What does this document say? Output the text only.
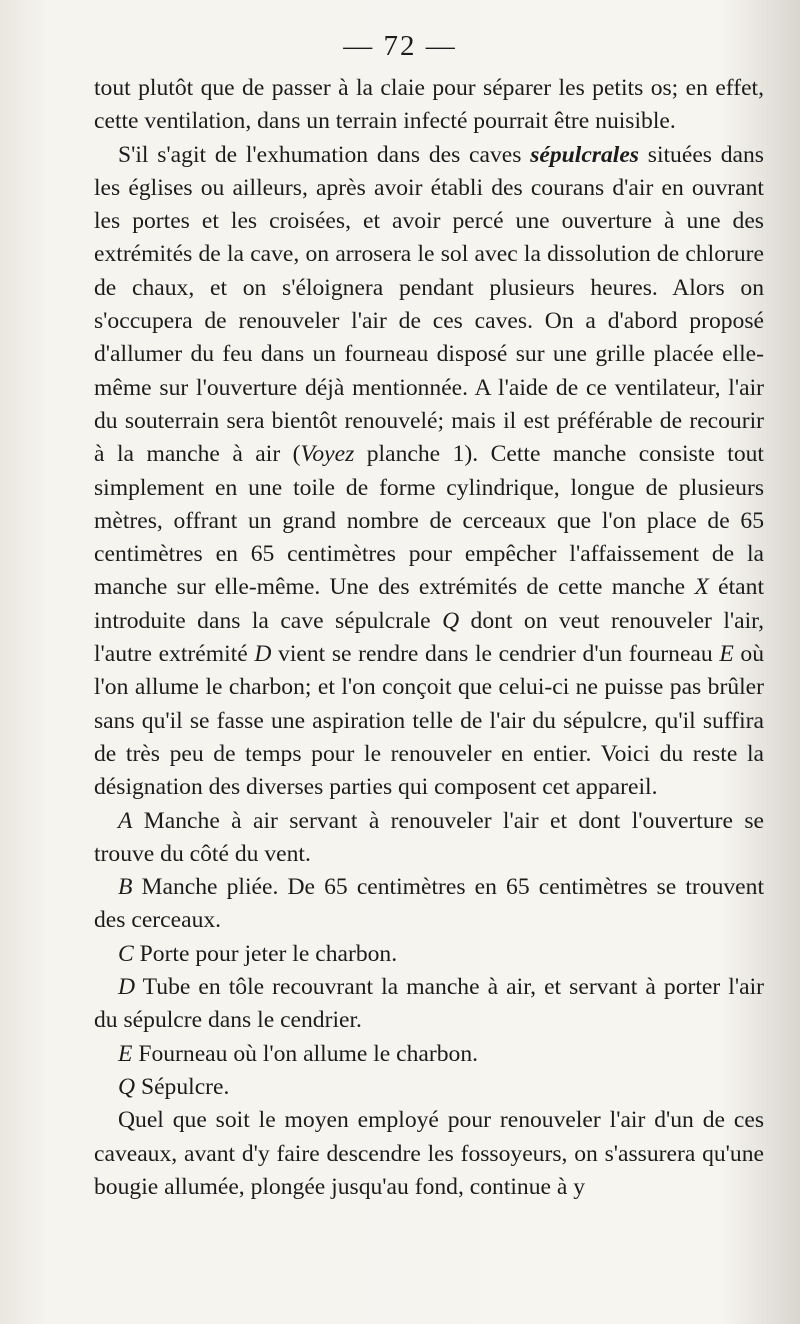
— 72 —

tout plutôt que de passer à la claie pour séparer les petits os; en effet, cette ventilation, dans un terrain infecté pourrait être nuisible.

S'il s'agit de l'exhumation dans des caves sépulcrales situées dans les églises ou ailleurs, après avoir établi des courans d'air en ouvrant les portes et les croisées, et avoir percé une ouverture à une des extrémités de la cave, on arrosera le sol avec la dissolution de chlorure de chaux, et on s'éloignera pendant plusieurs heures. Alors on s'occupera de renouveler l'air de ces caves. On a d'abord proposé d'allumer du feu dans un fourneau disposé sur une grille placée elle-même sur l'ouverture déjà mentionnée. A l'aide de ce ventilateur, l'air du souterrain sera bientôt renouvelé; mais il est préférable de recourir à la manche à air (Voyez planche 1). Cette manche consiste tout simplement en une toile de forme cylindrique, longue de plusieurs mètres, offrant un grand nombre de cerceaux que l'on place de 65 centimètres en 65 centimètres pour empêcher l'affaissement de la manche sur elle-même. Une des extrémités de cette manche X étant introduite dans la cave sépulcrale Q dont on veut renouveler l'air, l'autre extrémité D vient se rendre dans le cendrier d'un fourneau E où l'on allume le charbon; et l'on conçoit que celui-ci ne puisse pas brûler sans qu'il se fasse une aspiration telle de l'air du sépulcre, qu'il suffira de très peu de temps pour le renouveler en entier. Voici du reste la désignation des diverses parties qui composent cet appareil.

A Manche à air servant à renouveler l'air et dont l'ouverture se trouve du côté du vent.

B Manche pliée. De 65 centimètres en 65 centimètres se trouvent des cerceaux.

C Porte pour jeter le charbon.

D Tube en tôle recouvrant la manche à air, et servant à porter l'air du sépulcre dans le cendrier.

E Fourneau où l'on allume le charbon.

Q Sépulcre.

Quel que soit le moyen employé pour renouveler l'air d'un de ces caveaux, avant d'y faire descendre les fossoyeurs, on s'assurera qu'une bougie allumée, plongée jusqu'au fond, continue à y
